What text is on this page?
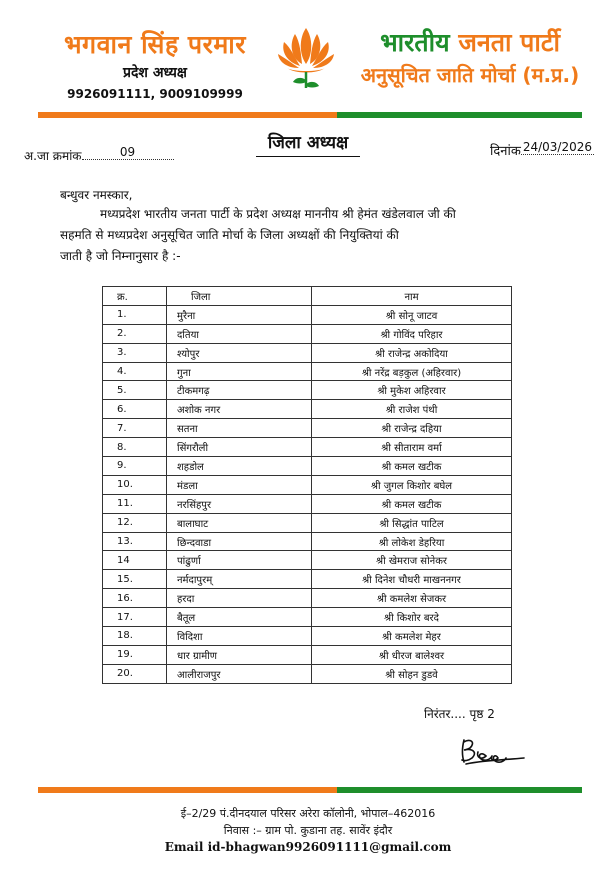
भगवान सिंह परमार
प्रदेश अध्यक्ष
9926091111, 9009109999
भारतीय जनता पार्टी
अनुसूचित जाति मोर्चा (म.प्र.)
अ.जा क्रमांक	09	जिला अध्यक्ष	दिनांक 24/03/2026
बन्धुवर नमस्कार,
मध्यप्रदेश भारतीय जनता पार्टी के प्रदेश अध्यक्ष माननीय श्री हेमंत खंडेलवाल जी की
सहमति से मध्यप्रदेश अनुसूचित जाति मोर्चा के जिला अध्यक्षों की नियुक्तियां की
जाती है जो निम्नानुसार है :-
क्र.	जिला	नाम
1.	मुरैना	श्री सोनू जाटव
2.	दतिया	श्री गोविंद परिहार
3.	श्योपुर	श्री राजेन्द्र अकोदिया
4.	गुना	श्री नरेंद्र बड़कुल (अहिरवार)
5.	टीकमगढ़	श्री मुकेश अहिरवार
6.	अशोक नगर	श्री राजेश पंथी
7.	सतना	श्री राजेन्द्र दहिया
8.	सिंगरौली	श्री सीताराम वर्मा
9.	शहडोल	श्री कमल खटीक
10.	मंडला	श्री जुगल किशोर बघेल
11.	नरसिंहपुर	श्री कमल खटीक
12.	बालाघाट	श्री सिद्धांत पाटिल
13.	छिन्दवाडा	श्री लोकेश डेहरिया
14	पांढुर्णा	श्री खेमराज सोनेकर
15.	नर्मदापुरम्	श्री दिनेश चौधरी माखननगर
16.	हरदा	श्री कमलेश सेजकर
17.	बैतूल	श्री किशोर बरदे
18.	विदिशा	श्री कमलेश मेहर
19.	धार ग्रामीण	श्री धीरज बालेश्वर
20.	आलीराजपुर	श्री सोहन डुडवे
निरंतर.... पृष्ठ 2
ई–2/29 पं.दीनदयाल परिसर अरेरा कॉलोनी, भोपाल–462016
निवास :– ग्राम पो. कुडाना तह. सावेंर इंदौर
Email id-bhagwan9926091111@gmail.com
